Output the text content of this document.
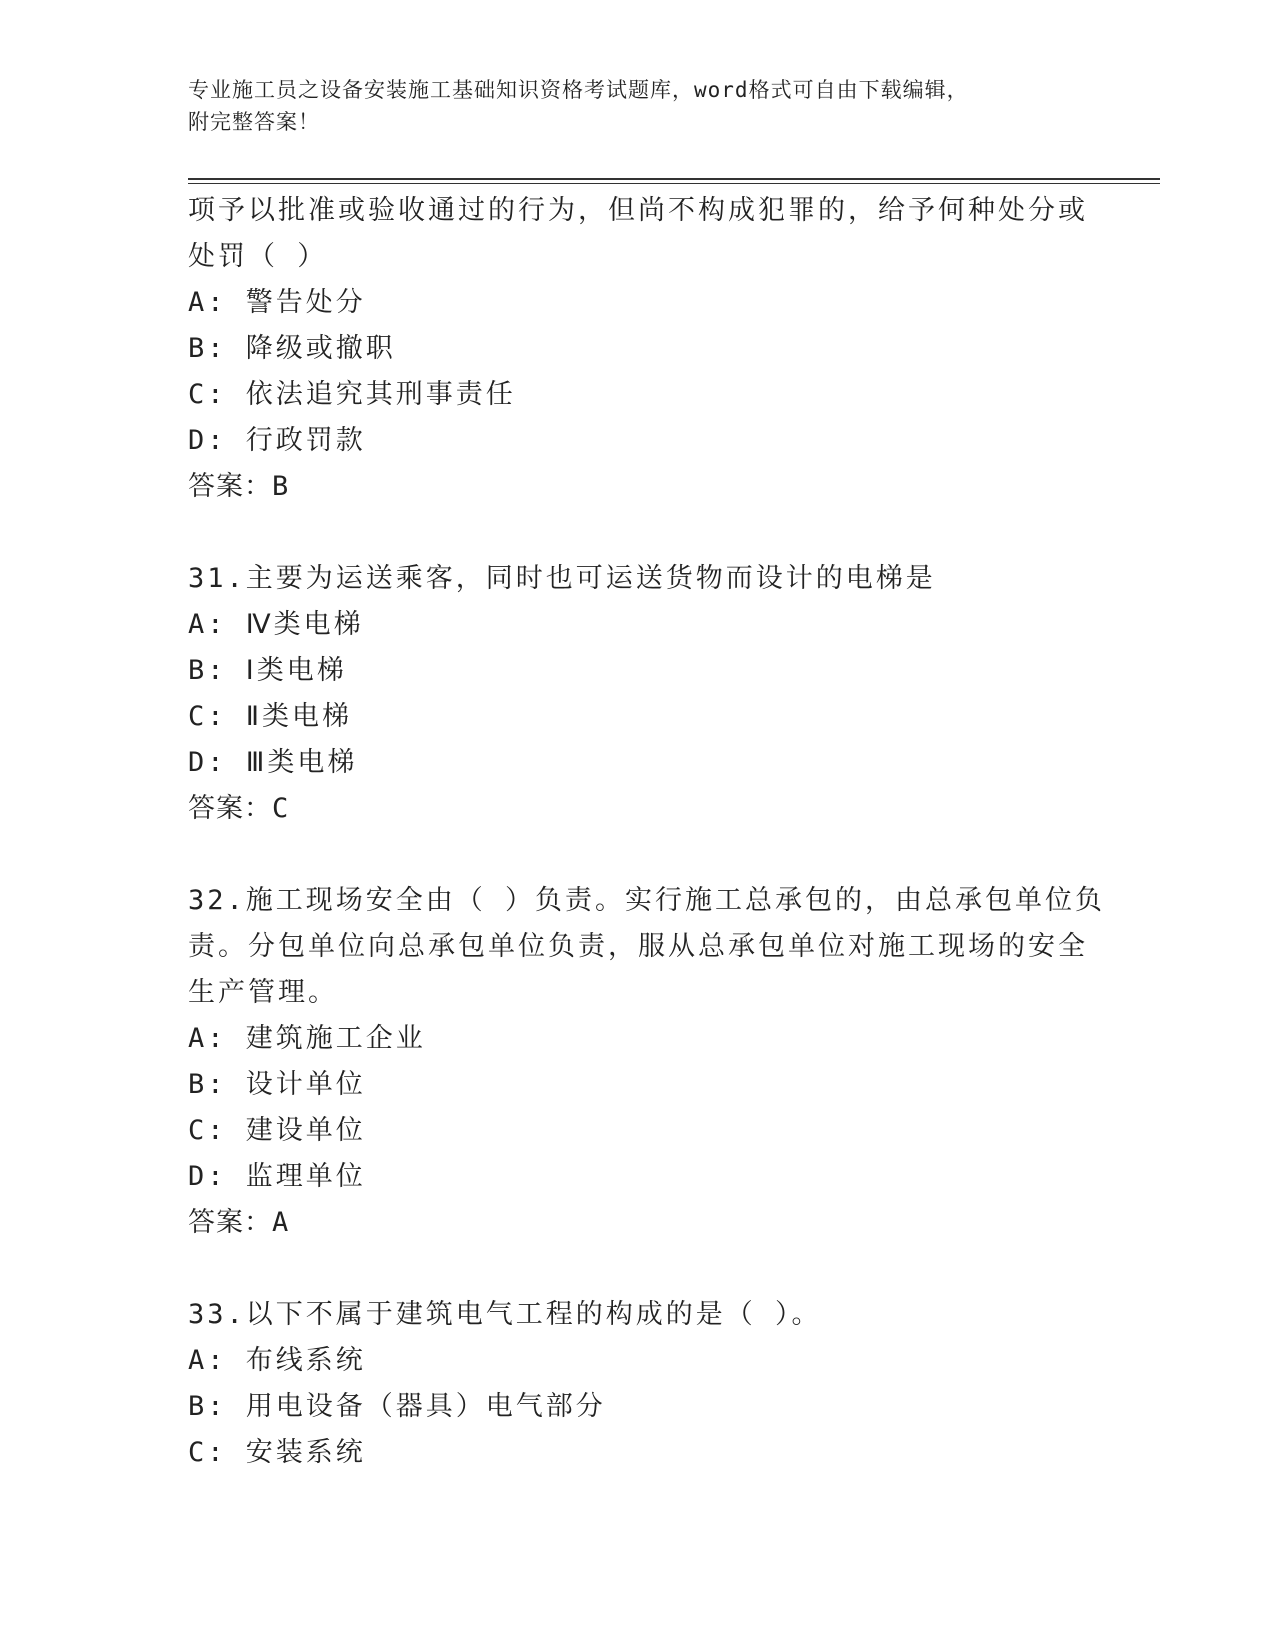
专业施工员之设备安装施工基础知识资格考试题库，word格式可自由下载编辑，
附完整答案！
项予以批准或验收通过的行为，但尚不构成犯罪的，给予何种处分或
处罚（ ）
A: 警告处分
B: 降级或撤职
C: 依法追究其刑事责任
D: 行政罚款
答案：B
31.主要为运送乘客，同时也可运送货物而设计的电梯是
A: Ⅳ类电梯
B: Ⅰ类电梯
C: Ⅱ类电梯
D: Ⅲ类电梯
答案：C
32.施工现场安全由（ ）负责。实行施工总承包的，由总承包单位负
责。分包单位向总承包单位负责，服从总承包单位对施工现场的安全
生产管理。
A: 建筑施工企业
B: 设计单位
C: 建设单位
D: 监理单位
答案：A
33.以下不属于建筑电气工程的构成的是（ ）。
A: 布线系统
B: 用电设备（器具）电气部分
C: 安装系统
